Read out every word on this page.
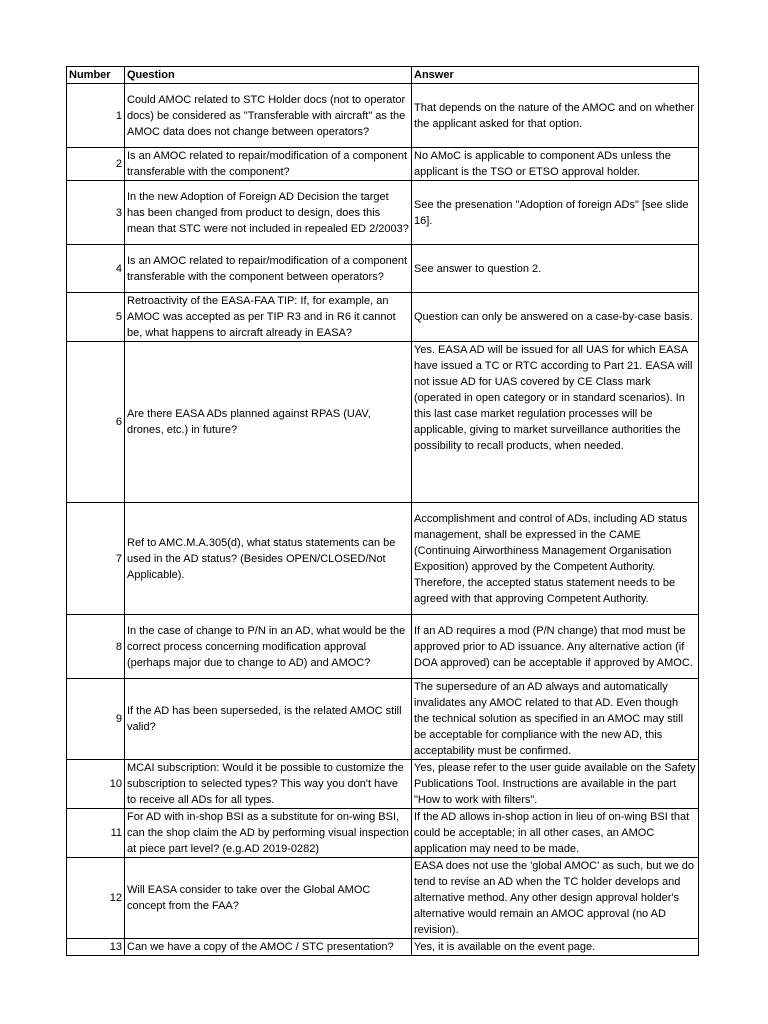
Number	Question	Answer
1	Could AMOC related to STC Holder docs (not to operator docs) be considered as "Transferable with aircraft" as the AMOC data does not change between operators?	That depends on the nature of the AMOC and on whether the applicant asked for that option.
2	Is an AMOC related to repair/modification of a component transferable with the component?	No AMoC is applicable to component ADs unless the applicant is the TSO or ETSO approval holder.
3	In the new Adoption of Foreign AD Decision the target has been changed from product to design, does this mean that STC were not included in repealed ED 2/2003?	See the presenation "Adoption of foreign ADs" [see slide 16].
4	Is an AMOC related to repair/modification of a component transferable with the component between operators?	See answer to question 2.
5	Retroactivity of the EASA-FAA TIP: If, for example, an AMOC was accepted as per TIP R3 and in R6 it cannot be, what happens to aircraft already in EASA?	Question can only be answered on a case-by-case basis.
6	Are there EASA ADs planned against RPAS (UAV, drones, etc.) in future?	Yes. EASA AD will be issued for all UAS for which EASA have issued a TC or RTC according to Part 21. EASA will not issue AD for UAS covered by CE Class mark (operated in open category or in standard scenarios). In this last case market regulation processes will be applicable, giving to market surveillance authorities the possibility to recall products, when needed.
7	Ref to AMC.M.A.305(d), what status statements can be used in the AD status? (Besides OPEN/CLOSED/Not Applicable).	Accomplishment and control of ADs, including AD status management, shall be expressed in the CAME (Continuing Airworthiness Management Organisation Exposition) approved by the Competent Authority. Therefore, the accepted status statement needs to be agreed with that approving Competent Authority.
8	In the case of change to P/N in an AD, what would be the correct process concerning modification approval (perhaps major due to change to AD) and AMOC?	If an AD requires a mod (P/N change) that mod must be approved prior to AD issuance. Any alternative action (if DOA approved) can be acceptable if approved by AMOC.
9	If the AD has been superseded, is the related AMOC still valid?	The supersedure of an AD always and automatically invalidates any AMOC related to that AD. Even though the technical solution as specified in an AMOC may still be acceptable for compliance with the new AD, this acceptability must be confirmed.
10	MCAI subscription: Would it be possible to customize the subscription to selected types? This way you don't have to receive all ADs for all types.	Yes, please refer to the user guide available on the Safety Publications Tool. Instructions are available in the part "How to work with filters".
11	For AD with in-shop BSI as a substitute for on-wing BSI, can the shop claim the AD by performing visual inspection at piece part level? (e.g.AD 2019-0282)	If the AD allows in-shop action in lieu of on-wing BSI that could be acceptable; in all other cases, an AMOC application may need to be made.
12	Will EASA consider to take over the Global AMOC concept from the FAA?	EASA does not use the 'global AMOC' as such, but we do tend to revise an AD when the TC holder develops and alternative method. Any other design approval holder's alternative would remain an AMOC approval (no AD revision).
13	Can we have a copy of the AMOC / STC presentation?	Yes, it is available on the event page.
